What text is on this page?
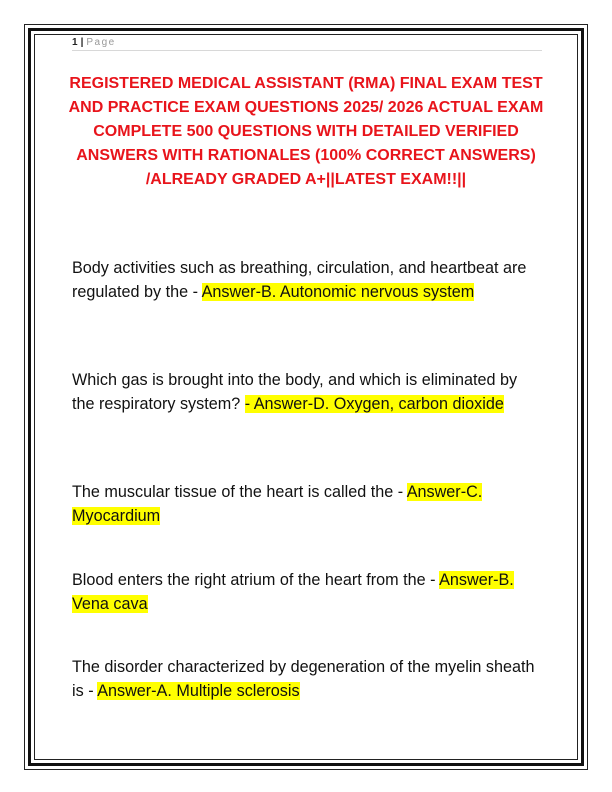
1 | Page
REGISTERED MEDICAL ASSISTANT (RMA) FINAL EXAM TEST AND PRACTICE EXAM QUESTIONS 2025/ 2026 ACTUAL EXAM COMPLETE 500 QUESTIONS WITH DETAILED VERIFIED ANSWERS WITH RATIONALES (100% CORRECT ANSWERS) /ALREADY GRADED A+||LATEST EXAM!!||

Body activities such as breathing, circulation, and heartbeat are regulated by the - Answer-B. Autonomic nervous system

Which gas is brought into the body, and which is eliminated by the respiratory system? - Answer-D. Oxygen, carbon dioxide

The muscular tissue of the heart is called the - Answer-C. Myocardium

Blood enters the right atrium of the heart from the - Answer-B. Vena cava

The disorder characterized by degeneration of the myelin sheath is - Answer-A. Multiple sclerosis
